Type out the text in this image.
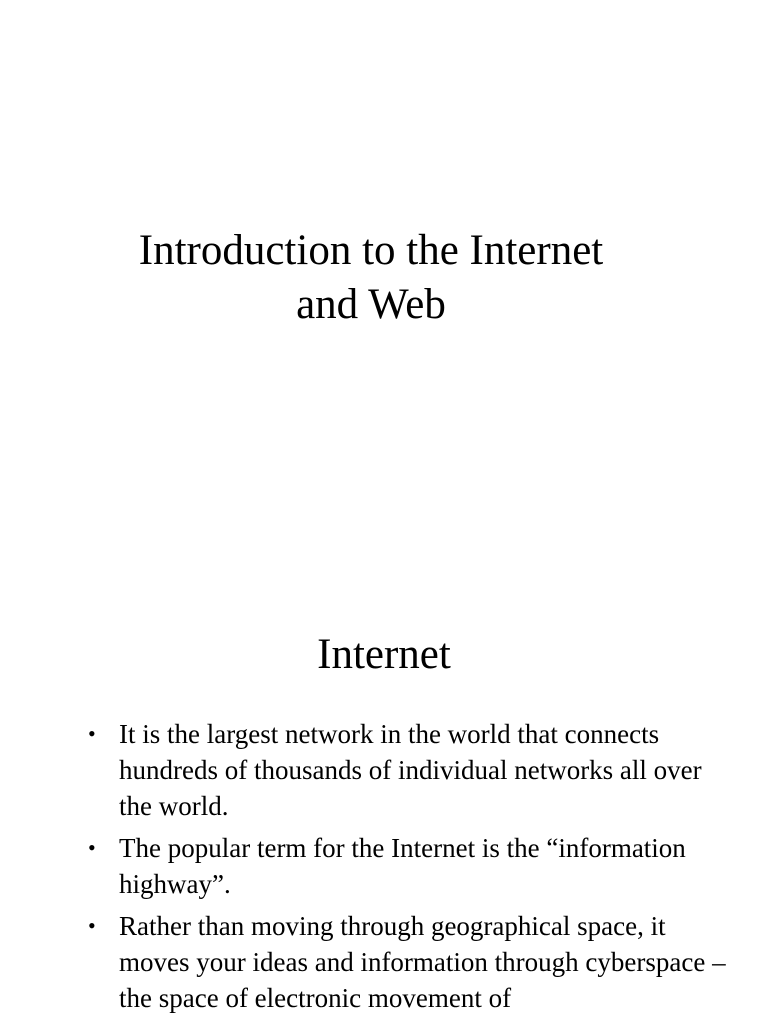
Introduction to the Internet
and Web
Internet
• It is the largest network in the world that connects hundreds of thousands of individual networks all over the world.
• The popular term for the Internet is the “information highway”.
• Rather than moving through geographical space, it moves your ideas and information through cyberspace – the space of electronic movement of
